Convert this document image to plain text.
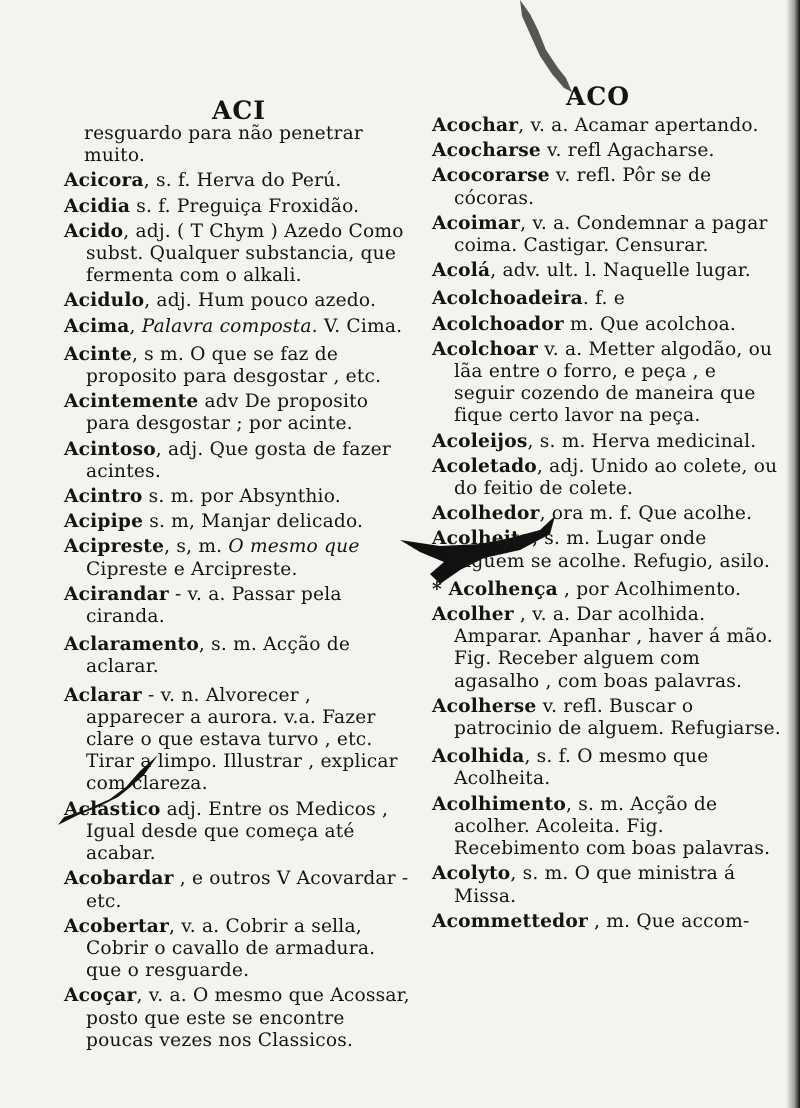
ACI	ACO

resguardo para não penetrar muito.

Acicora, s. f. Herva do Perú.

Acidia s. f. Preguiça Froxidão.

Acido, adj. ( T Chym ) Azedo Como subst. Qualquer substancia, que fermenta com o alkali.

Acidulo, adj. Hum pouco azedo.

Acima, Palavra composta. V. Cima.

Acinte, s m. O que se faz de proposito para desgostar , etc.

Acintemente adv De proposito para desgostar ; por acinte.

Acintoso, adj. Que gosta de fazer acintes.

Acintro s. m. por Absynthio.

Acipipe s. m, Manjar delicado.

Acipreste, s, m. O mesmo que Cipreste e Arcipreste.

Acirandar - v. a. Passar pela ciranda.

Aclaramento, s. m. Acção de aclarar.

Aclarar - v. n. Alvorecer , apparecer a aurora. v.a. Fazer clare o que estava turvo , etc. Tirar a limpo. Illustrar , explicar com clareza.

Aclastico adj. Entre os Medicos , Igual desde que começa até acabar.

Acobardar , e outros V Acovardar - etc.

Acobertar, v. a. Cobrir a sella, Cobrir o cavallo de armadura. que o resguarde.

Acoçar, v. a. O mesmo que Acossar, posto que este se encontre poucas vezes nos Classicos.

Acochar, v. a. Acamar apertando.

Acocharse v. refl Agacharse.

Acocorarse v. refl. Pôr se de cócoras.

Acoimar, v. a. Condemnar a pagar coima. Castigar. Censurar.

Acolá, adv. ult. l. Naquelle lugar.

Acolchoadeira. f. e

Acolchoador m. Que acolchoa.

Acolchoar v. a. Metter algodão, ou lãa entre o forro, e peça , e seguir cozendo de maneira que fique certo lavor na peça.

Acoleijos, s. m. Herva medicinal.

Acoletado, adj. Unido ao colete, ou do feitio de colete.

Acolhedor, ora m. f. Que acolhe.

Acolheita, s. m. Lugar onde alguem se acolhe. Refugio, asilo.

* Acolhença , por Acolhimento.

Acolher , v. a. Dar acolhida. Amparar. Apanhar , haver á mão. Fig. Receber alguem com agasalho , com boas palavras.

Acolherse v. refl. Buscar o patrocinio de alguem. Refugiarse.

Acolhida, s. f. O mesmo que Acolheita.

Acolhimento, s. m. Acção de acolher. Acoleita. Fig. Recebimento com boas palavras.

Acolyto, s. m. O que ministra á Missa.

Acommettedor , m. Que accom-
